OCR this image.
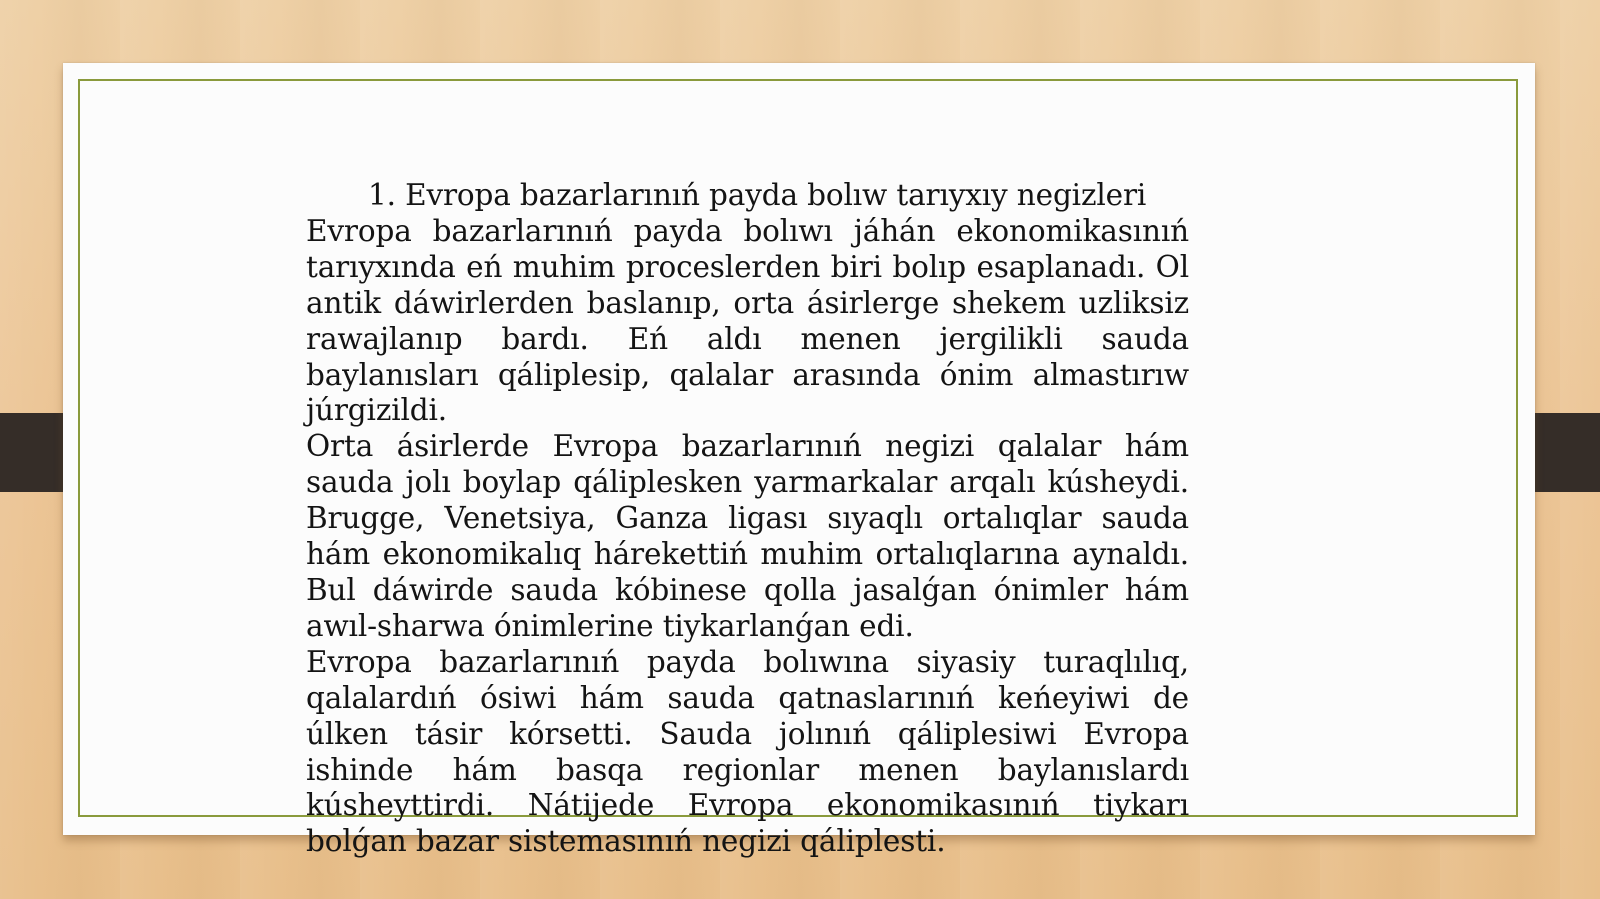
1. Evropa bazarlarınıń payda bolıw tarıyxıy negizleri

Evropa bazarlarınıń payda bolıwı jáhán ekonomikasınıń tarıyxında eń muhim proceslerden biri bolıp esaplanadı. Ol antik dáwirlerden baslanıp, orta ásirlerge shekem uzliksiz rawajlanıp bardı. Eń aldı menen jergilikli sauda baylanısları qáliplesip, qalalar arasında ónim almastırıw júrgizildi.

Orta ásirlerde Evropa bazarlarınıń negizi qalalar hám sauda jolı boylap qáliplesken yarmarkalar arqalı kúsheydi. Brugge, Venetsiya, Ganza ligası sıyaqlı ortalıqlar sauda hám ekonomikalıq hárekettiń muhim ortalıqlarına aynaldı. Bul dáwirde sauda kóbinese qolla jasalǵan ónimler hám awıl-sharwa ónimlerine tiykarlanǵan edi.

Evropa bazarlarınıń payda bolıwına siyasiy turaqlılıq, qalalardıń ósiwi hám sauda qatnaslarınıń keńeyiwi de úlken tásir kórsetti. Sauda jolınıń qáliplesiwi Evropa ishinde hám basqa regionlar menen baylanıslardı kúsheyttirdi. Nátijede Evropa ekonomikasınıń tiykarı bolǵan bazar sistemasınıń negizi qáliplesti.
